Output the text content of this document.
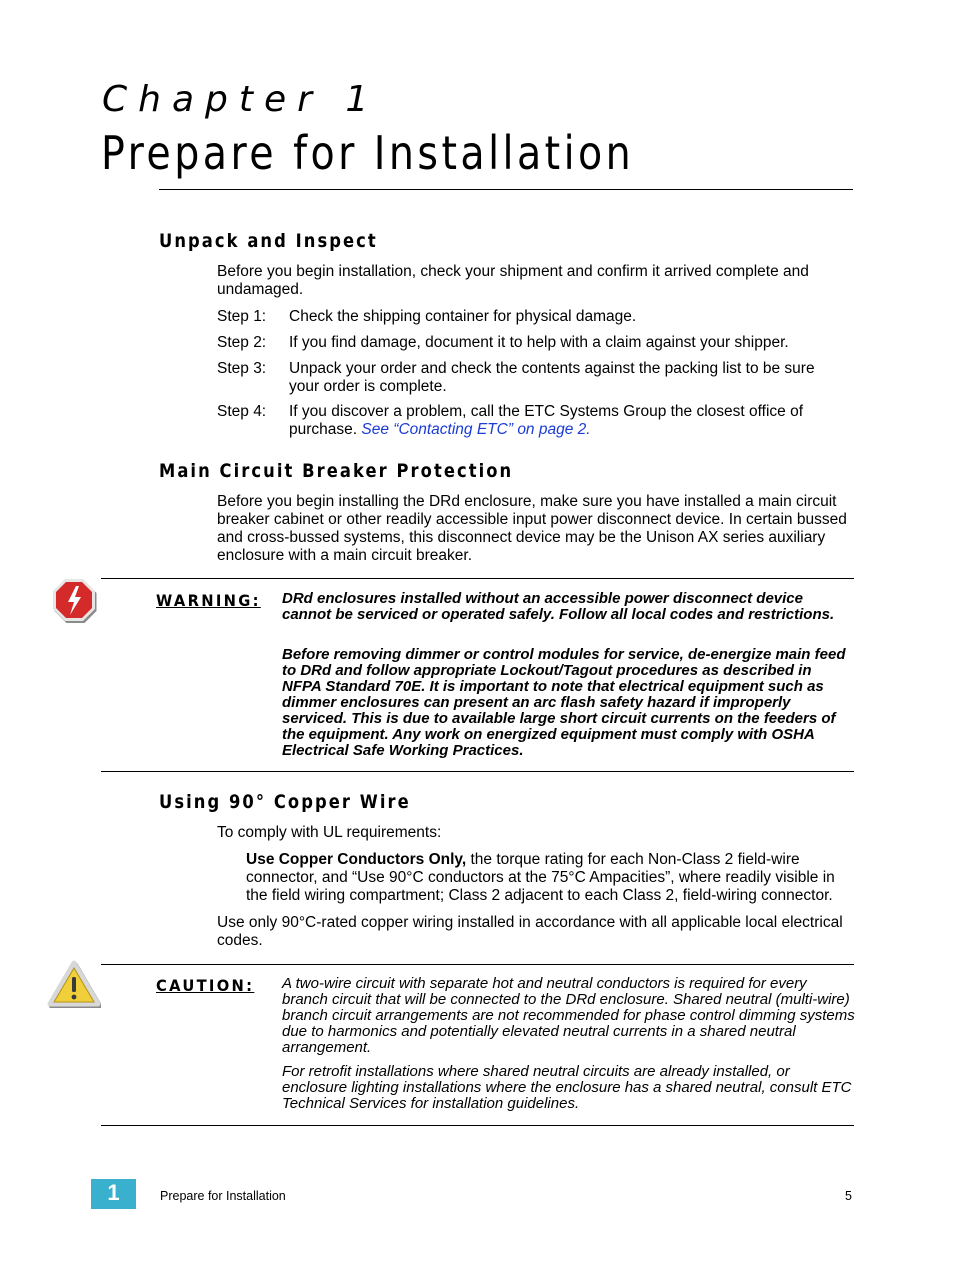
Chapter 1
Prepare for Installation
Unpack and Inspect
Before you begin installation, check your shipment and confirm it arrived complete and undamaged.
Step 1: Check the shipping container for physical damage.
Step 2: If you find damage, document it to help with a claim against your shipper.
Step 3: Unpack your order and check the contents against the packing list to be sure your order is complete.
Step 4: If you discover a problem, call the ETC Systems Group the closest office of purchase. See “Contacting ETC” on page 2.
Main Circuit Breaker Protection
Before you begin installing the DRd enclosure, make sure you have installed a main circuit breaker cabinet or other readily accessible input power disconnect device. In certain bussed and cross-bussed systems, this disconnect device may be the Unison AX series auxiliary enclosure with a main circuit breaker.
WARNING: DRd enclosures installed without an accessible power disconnect device cannot be serviced or operated safely. Follow all local codes and restrictions.
Before removing dimmer or control modules for service, de-energize main feed to DRd and follow appropriate Lockout/Tagout procedures as described in NFPA Standard 70E. It is important to note that electrical equipment such as dimmer enclosures can present an arc flash safety hazard if improperly serviced. This is due to available large short circuit currents on the feeders of the equipment. Any work on energized equipment must comply with OSHA Electrical Safe Working Practices.
Using 90° Copper Wire
To comply with UL requirements:
Use Copper Conductors Only, the torque rating for each Non-Class 2 field-wire connector, and “Use 90°C conductors at the 75°C Ampacities”, where readily visible in the field wiring compartment; Class 2 adjacent to each Class 2, field-wiring connector.
Use only 90°C-rated copper wiring installed in accordance with all applicable local electrical codes.
CAUTION: A two-wire circuit with separate hot and neutral conductors is required for every branch circuit that will be connected to the DRd enclosure. Shared neutral (multi-wire) branch circuit arrangements are not recommended for phase control dimming systems due to harmonics and potentially elevated neutral currents in a shared neutral arrangement.
For retrofit installations where shared neutral circuits are already installed, or enclosure lighting installations where the enclosure has a shared neutral, consult ETC Technical Services for installation guidelines.
1	Prepare for Installation	5
